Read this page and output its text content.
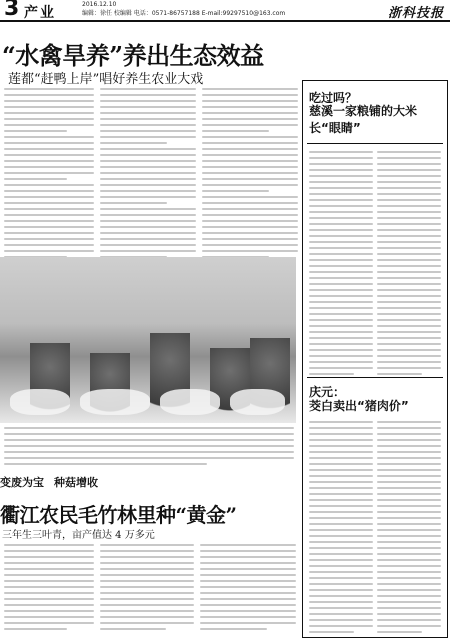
3 产业
2016.12.10
编辑：徐任 校编辑 电话：0571-86757188 E-mail:99297510@163.com	浙科技报
“水禽旱养”养出生态效益
莲都“赶鸭上岸”唱好养生农业大戏
变废为宝 种菇增收
衢江农民毛竹林里种“黄金”
三年生三叶青，亩产值达 4 万多元
吃过吗？
慈溪一家粮铺的大米
长“眼睛”
庆元：
茭白卖出“猪肉价”
